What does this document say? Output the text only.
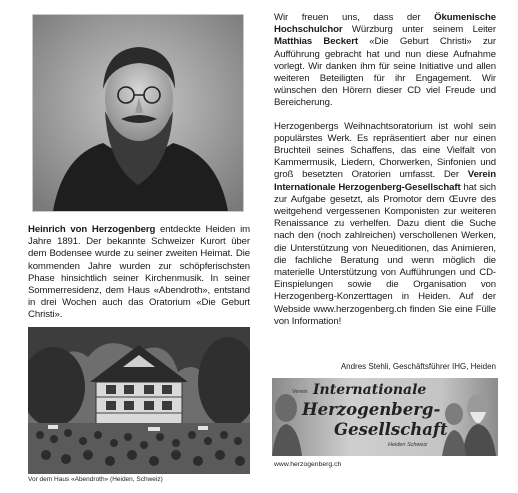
Heinrich von Herzogenberg entdeckte Heiden im Jahre 1891. Der bekannte Schweizer Kurort über dem Bodensee wurde zu seiner zweiten Heimat. Die kommenden Jahre wurden zur schöpferischsten Phase hinsichtlich seiner Kirchenmusik. In seiner Sommerresidenz, dem Haus «Abendroth», entstand in drei Wochen auch das Oratorium «Die Geburt Christi».
Vor dem Haus «Abendroth» (Heiden, Schweiz)

Wir freuen uns, dass der Ökumenische Hochschulchor Würzburg unter seinem Leiter Matthias Beckert «Die Geburt Christi» zur Aufführung gebracht hat und nun diese Aufnahme vorlegt. Wir danken ihm für seine Initiative und allen weiteren Beteiligten für ihr Engagement. Wir wünschen den Hörern dieser CD viel Freude und Bereicherung.

Herzogenbergs Weihnachtsoratorium ist wohl sein populärstes Werk. Es repräsentiert aber nur einen Bruchteil seines Schaffens, das eine Vielfalt von Kammermusik, Liedern, Chorwerken, Sinfonien und groß besetzten Oratorien umfasst. Der Verein Internationale Herzogenberg-Gesellschaft hat sich zur Aufgabe gesetzt, als Promotor dem Œuvre des weitgehend vergessenen Komponisten zur weiteren Renaissance zu verhelfen. Dazu dient die Suche nach den (noch zahlreichen) verschollenen Werken, die Unterstützung von Neueditionen, das Animieren, die fachliche Beratung und wenn möglich die materielle Unterstützung von Aufführungen und CD-Einspielungen sowie die Organisation von Herzogenberg-Konzerttagen in Heiden. Auf der Webside www.herzogenberg.ch finden Sie eine Fülle von Information!

Andres Stehli, Geschäftsführer IHG, Heiden
Verein Internationale
Herzogenberg-
Gesellschaft
Heiden Schweiz
www.herzogenberg.ch
